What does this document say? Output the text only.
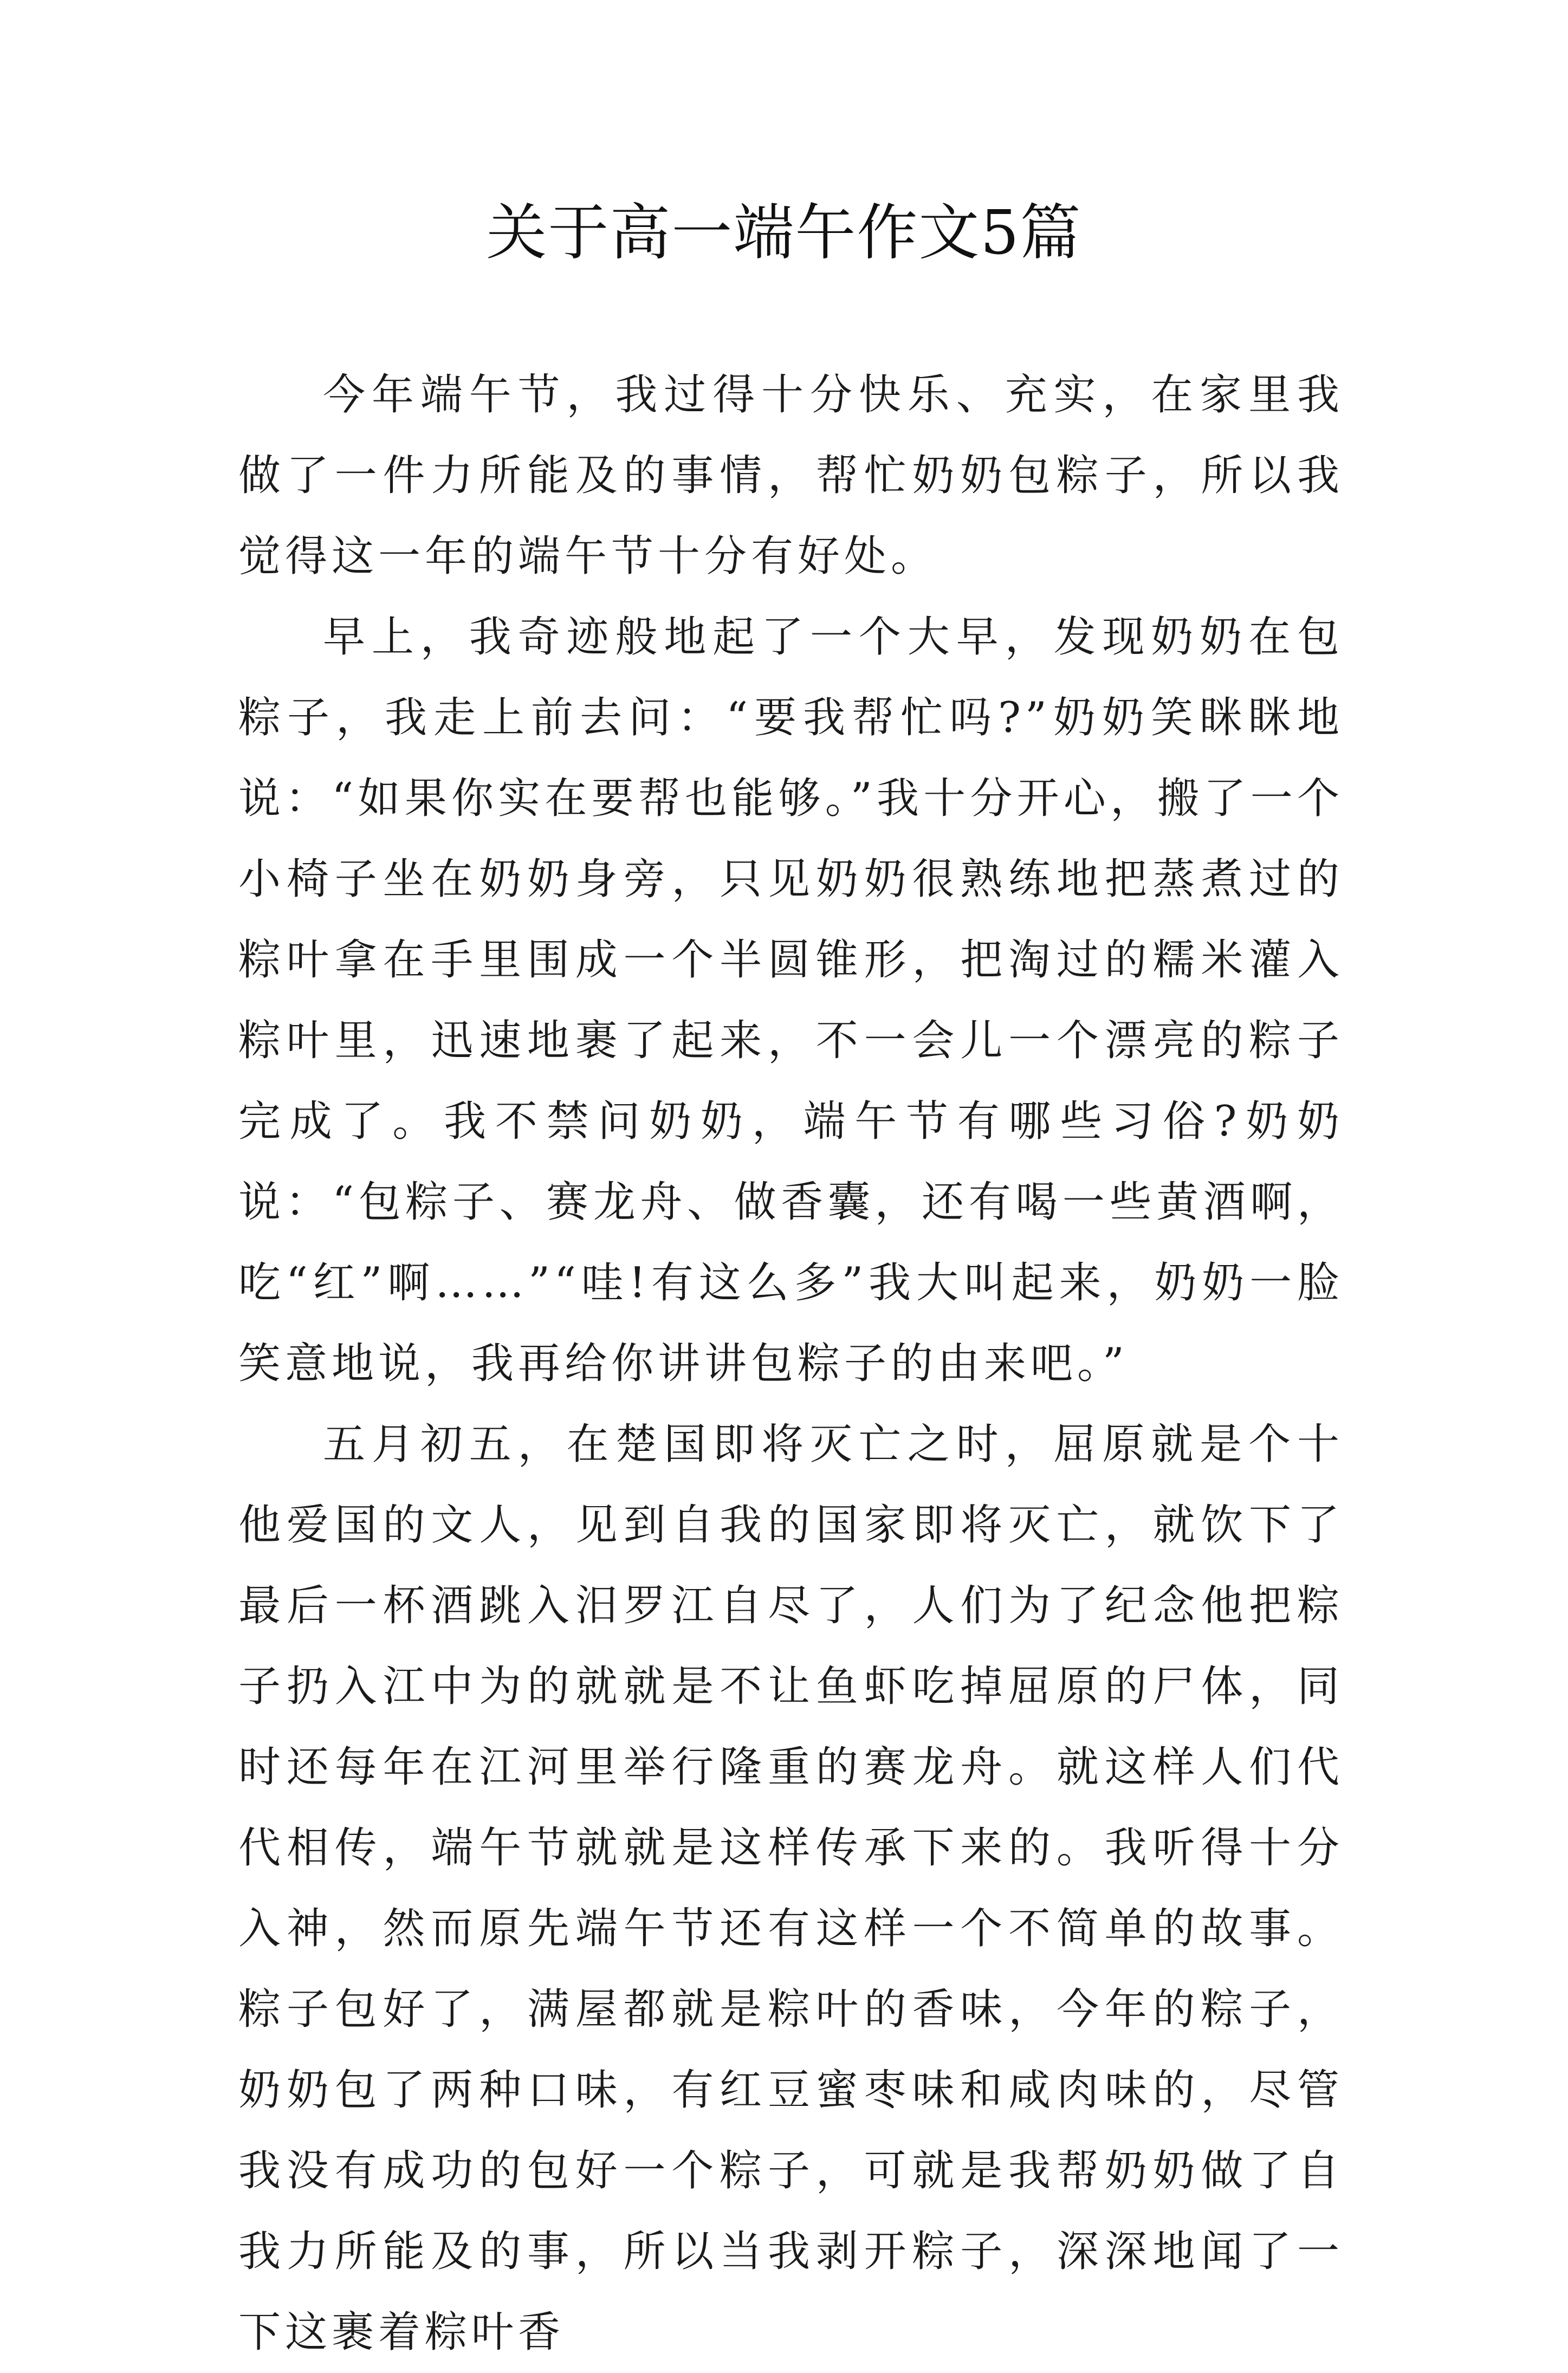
关于高一端午作文5篇

今年端午节，我过得十分快乐、充实，在家里我做了一件力所能及的事情，帮忙奶奶包粽子，所以我觉得这一年的端午节十分有好处。

早上，我奇迹般地起了一个大早，发现奶奶在包粽子，我走上前去问：“要我帮忙吗?”奶奶笑眯眯地说：“如果你实在要帮也能够。”我十分开心，搬了一个小椅子坐在奶奶身旁，只见奶奶很熟练地把蒸煮过的粽叶拿在手里围成一个半圆锥形，把淘过的糯米灌入粽叶里，迅速地裹了起来，不一会儿一个漂亮的粽子完成了。我不禁问奶奶，端午节有哪些习俗?奶奶说：“包粽子、赛龙舟、做香囊，还有喝一些黄酒啊，吃“红”啊……”“哇!有这么多”我大叫起来，奶奶一脸笑意地说，我再给你讲讲包粽子的由来吧。”

五月初五，在楚国即将灭亡之时，屈原就是个十他爱国的文人，见到自我的国家即将灭亡，就饮下了最后一杯酒跳入汨罗江自尽了，人们为了纪念他把粽子扔入江中为的就就是不让鱼虾吃掉屈原的尸体，同时还每年在江河里举行隆重的赛龙舟。就这样人们代代相传，端午节就就是这样传承下来的。我听得十分入神，然而原先端午节还有这样一个不简单的故事。粽子包好了，满屋都就是粽叶的香味，今年的粽子，奶奶包了两种口味，有红豆蜜枣味和咸肉味的，尽管我没有成功的包好一个粽子，可就是我帮奶奶做了自我力所能及的事，所以当我剥开粽子，深深地闻了一下这裹着粽叶香
